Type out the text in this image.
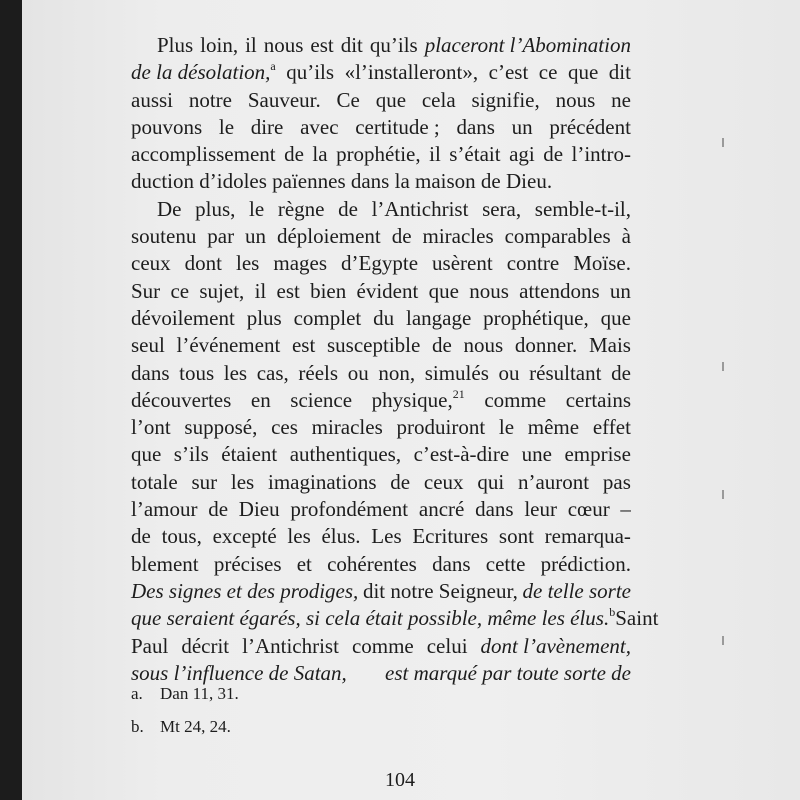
Plus loin, il nous est dit qu’ils placeront l’Abomination
de la désolation,$^a$ qu’ils «l’installeront», c’est ce que dit
aussi notre Sauveur. Ce que cela signifie, nous ne
pouvons le dire avec certitude ; dans un précédent
accomplissement de la prophétie, il s’était agi de l’intro-
duction d’idoles païennes dans la maison de Dieu.
De plus, le règne de l’Antichrist sera, semble-t-il,
soutenu par un déploiement de miracles comparables à
ceux dont les mages d’Egypte usèrent contre Moïse.
Sur ce sujet, il est bien évident que nous attendons un
dévoilement plus complet du langage prophétique, que
seul l’événement est susceptible de nous donner. Mais
dans tous les cas, réels ou non, simulés ou résultant de
découvertes en science physique,$^{21}$ comme certains
l’ont supposé, ces miracles produiront le même effet
que s’ils étaient authentiques, c’est-à-dire une emprise
totale sur les imaginations de ceux qui n’auront pas
l’amour de Dieu profondément ancré dans leur cœur –
de tous, excepté les élus. Les Ecritures sont remarqua-
blement précises et cohérentes dans cette prédiction.
Des signes et des prodiges, dit notre Seigneur, de telle sorte
que seraient égarés, si cela était possible, même les élus.$^b$ Saint
Paul décrit l’Antichrist comme celui dont l’avènement,
sous l’influence de Satan, est marqué par toute sorte de
a. Dan 11, 31.
b. Mt 24, 24.
104
